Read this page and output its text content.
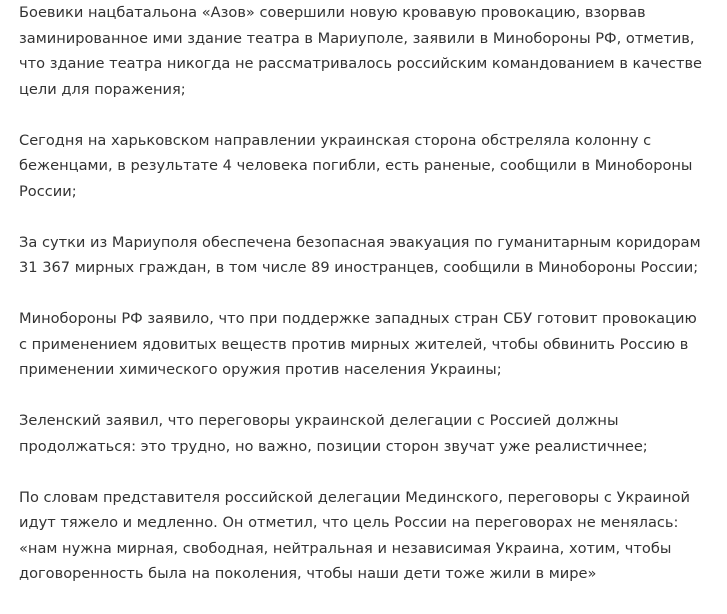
Боевики нацбатальона «Азов» совершили новую кровавую провокацию, взорвав
заминированное ими здание театра в Мариуполе, заявили в Минобороны РФ, отметив,
что здание театра никогда не рассматривалось российским командованием в качестве
цели для поражения;

Сегодня на харьковском направлении украинская сторона обстреляла колонну с
беженцами, в результате 4 человека погибли, есть раненые, сообщили в Минобороны
России;

За сутки из Мариуполя обеспечена безопасная эвакуация по гуманитарным коридорам
31 367 мирных граждан, в том числе 89 иностранцев, сообщили в Минобороны России;

Минобороны РФ заявило, что при поддержке западных стран СБУ готовит провокацию
с применением ядовитых веществ против мирных жителей, чтобы обвинить Россию в
применении химического оружия против населения Украины;

Зеленский заявил, что переговоры украинской делегации с Россией должны
продолжаться: это трудно, но важно, позиции сторон звучат уже реалистичнее;

По словам представителя российской делегации Мединского, переговоры с Украиной
идут тяжело и медленно. Он отметил, что цель России на переговорах не менялась:
«нам нужна мирная, свободная, нейтральная и независимая Украина, хотим, чтобы
договоренность была на поколения, чтобы наши дети тоже жили в мире»
